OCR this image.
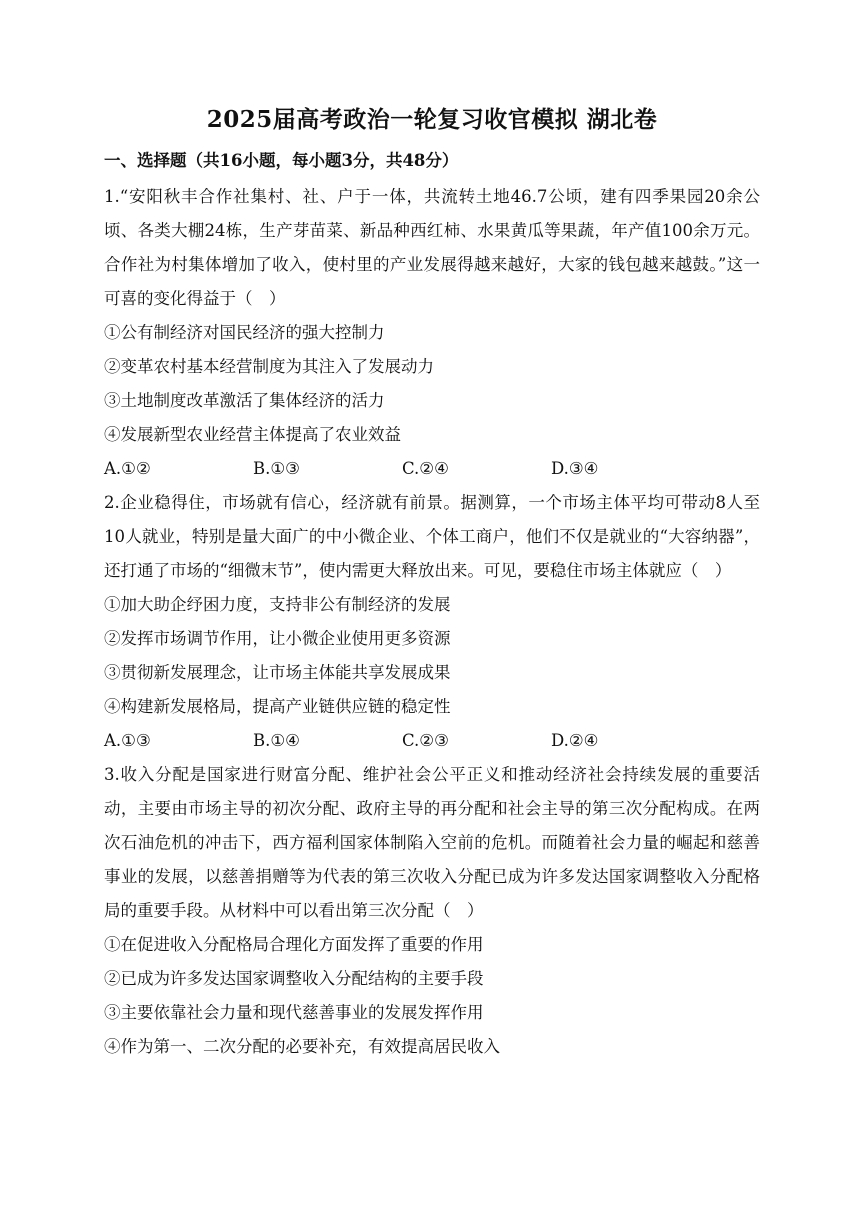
2025届高考政治一轮复习收官模拟 湖北卷
一、选择题（共16小题，每小题3分，共48分）

1.“安阳秋丰合作社集村、社、户于一体，共流转土地46.7公顷，建有四季果园20余公顷、各类大棚24栋，生产芽苗菜、新品种西红柿、水果黄瓜等果蔬，年产值100余万元。合作社为村集体增加了收入，使村里的产业发展得越来越好，大家的钱包越来越鼓。”这一可喜的变化得益于（　）

①公有制经济对国民经济的强大控制力

②变革农村基本经营制度为其注入了发展动力

③土地制度改革激活了集体经济的活力

④发展新型农业经营主体提高了农业效益

A.①②	B.①③	C.②④	D.③④

2.企业稳得住，市场就有信心，经济就有前景。据测算，一个市场主体平均可带动8人至10人就业，特别是量大面广的中小微企业、个体工商户，他们不仅是就业的“大容纳器”，还打通了市场的“细微末节”，使内需更大释放出来。可见，要稳住市场主体就应（　）

①加大助企纾困力度，支持非公有制经济的发展

②发挥市场调节作用，让小微企业使用更多资源

③贯彻新发展理念，让市场主体能共享发展成果

④构建新发展格局，提高产业链供应链的稳定性

A.①③	B.①④	C.②③	D.②④

3.收入分配是国家进行财富分配、维护社会公平正义和推动经济社会持续发展的重要活动，主要由市场主导的初次分配、政府主导的再分配和社会主导的第三次分配构成。在两次石油危机的冲击下，西方福利国家体制陷入空前的危机。而随着社会力量的崛起和慈善事业的发展，以慈善捐赠等为代表的第三次收入分配已成为许多发达国家调整收入分配格局的重要手段。从材料中可以看出第三次分配（　）

①在促进收入分配格局合理化方面发挥了重要的作用

②已成为许多发达国家调整收入分配结构的主要手段

③主要依靠社会力量和现代慈善事业的发展发挥作用

④作为第一、二次分配的必要补充，有效提高居民收入
